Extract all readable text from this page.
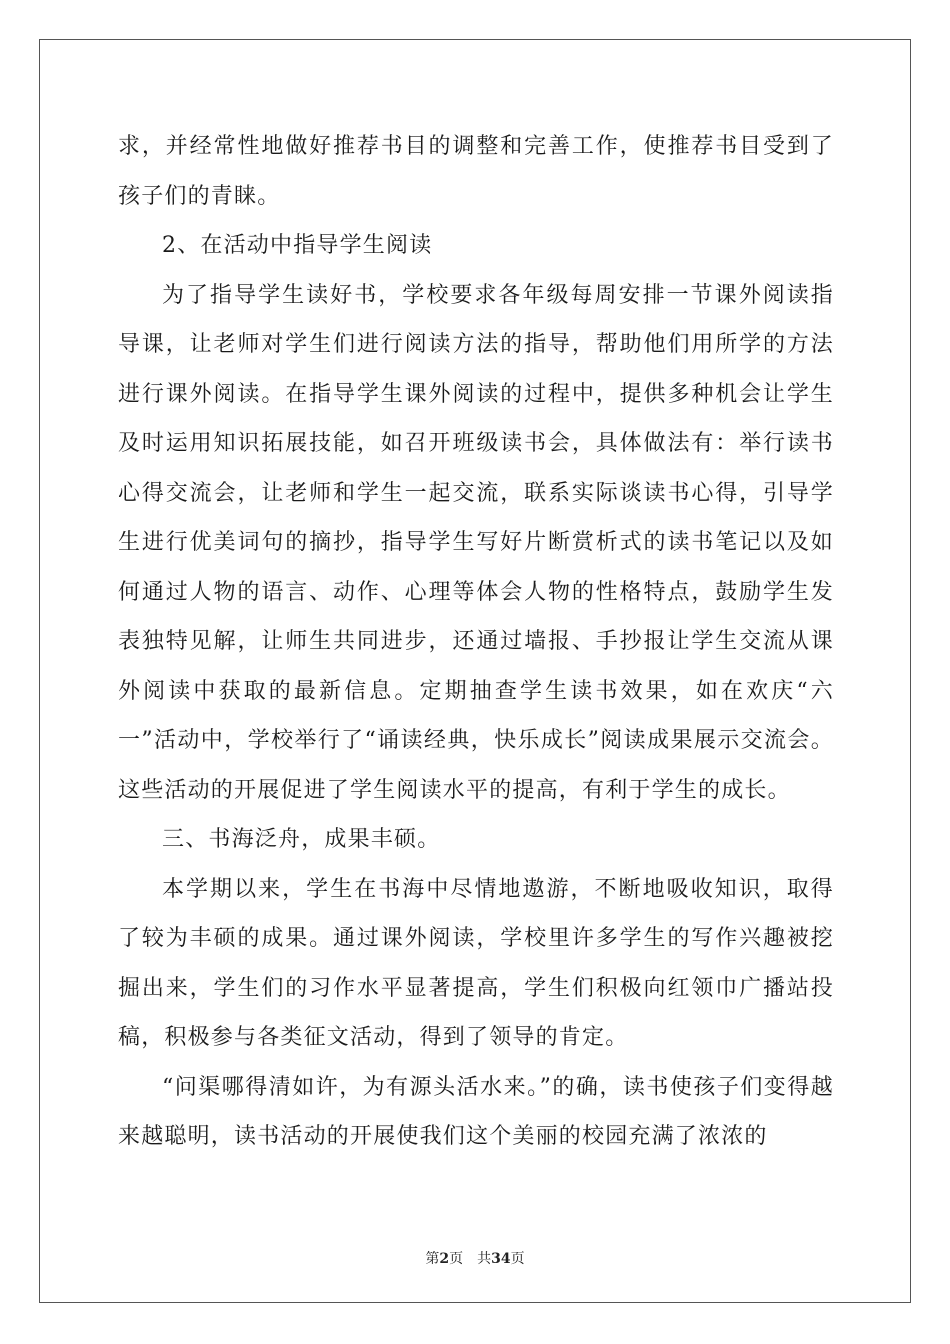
求，并经常性地做好推荐书目的调整和完善工作，使推荐书目受到了孩子们的青睐。

2、在活动中指导学生阅读

为了指导学生读好书，学校要求各年级每周安排一节课外阅读指导课，让老师对学生们进行阅读方法的指导，帮助他们用所学的方法进行课外阅读。在指导学生课外阅读的过程中，提供多种机会让学生及时运用知识拓展技能，如召开班级读书会，具体做法有：举行读书心得交流会，让老师和学生一起交流，联系实际谈读书心得，引导学生进行优美词句的摘抄，指导学生写好片断赏析式的读书笔记以及如何通过人物的语言、动作、心理等体会人物的性格特点，鼓励学生发表独特见解，让师生共同进步，还通过墙报、手抄报让学生交流从课外阅读中获取的最新信息。定期抽查学生读书效果，如在欢庆“六一”活动中，学校举行了“诵读经典，快乐成长”阅读成果展示交流会。这些活动的开展促进了学生阅读水平的提高，有利于学生的成长。

三、书海泛舟，成果丰硕。

本学期以来，学生在书海中尽情地遨游，不断地吸收知识，取得了较为丰硕的成果。通过课外阅读，学校里许多学生的写作兴趣被挖掘出来，学生们的习作水平显著提高，学生们积极向红领巾广播站投稿，积极参与各类征文活动，得到了领导的肯定。

“问渠哪得清如许，为有源头活水来。”的确，读书使孩子们变得越来越聪明，读书活动的开展使我们这个美丽的校园充满了浓浓的

第2页 共34页
